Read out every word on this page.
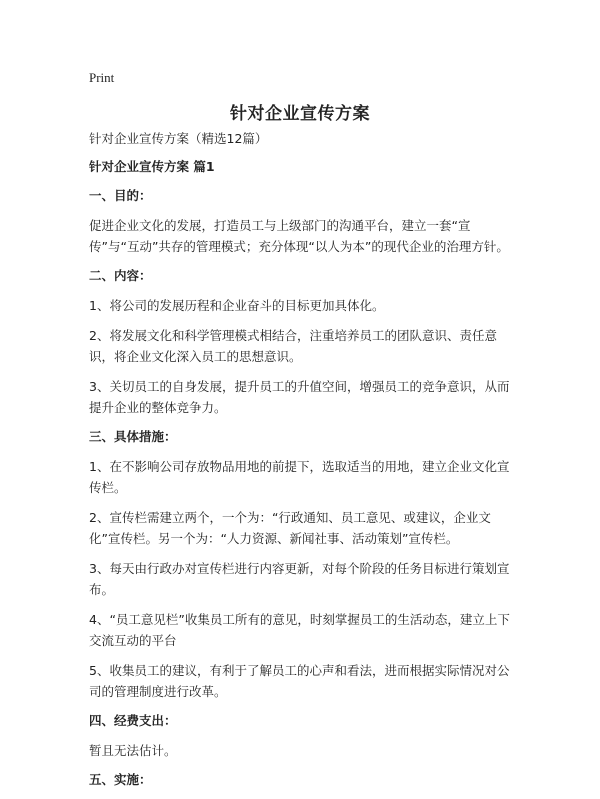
Print
针对企业宣传方案

针对企业宣传方案（精选12篇）

针对企业宣传方案 篇1

一、目的：

促进企业文化的发展，打造员工与上级部门的沟通平台，建立一套“宣传”与“互动”共存的管理模式；充分体现“以人为本”的现代企业的治理方针。

二、内容：

1、将公司的发展历程和企业奋斗的目标更加具体化。

2、将发展文化和科学管理模式相结合，注重培养员工的团队意识、责任意识，将企业文化深入员工的思想意识。

3、关切员工的自身发展，提升员工的升值空间，增强员工的竞争意识，从而提升企业的整体竞争力。

三、具体措施：

1、在不影响公司存放物品用地的前提下，选取适当的用地，建立企业文化宣传栏。

2、宣传栏需建立两个，一个为：“行政通知、员工意见、或建议，企业文化”宣传栏。另一个为：“人力资源、新闻社事、活动策划”宣传栏。

3、每天由行政办对宣传栏进行内容更新，对每个阶段的任务目标进行策划宣布。

4、“员工意见栏”收集员工所有的意见，时刻掌握员工的生活动态，建立上下交流互动的平台

5、收集员工的建议，有利于了解员工的心声和看法，进而根据实际情况对公司的管理制度进行改革。

四、经费支出：

暂且无法估计。

五、实施：
